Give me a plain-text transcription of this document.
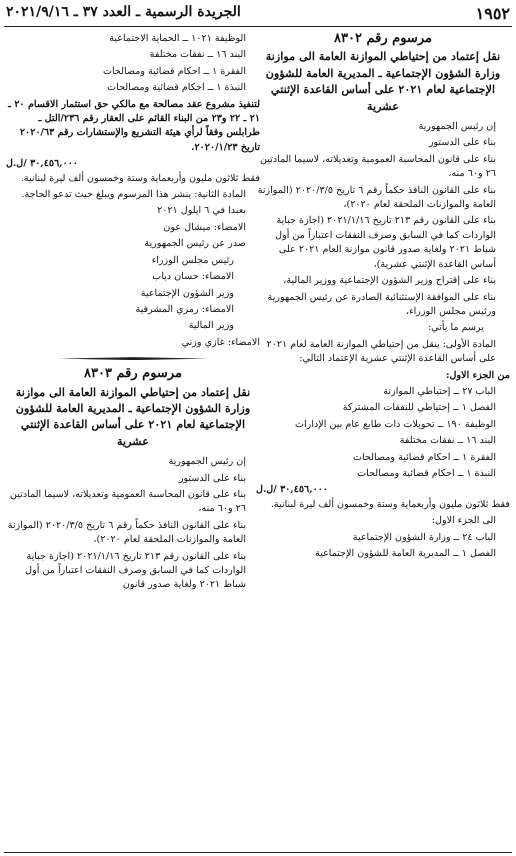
١٩٥٢
الجريدة الرسمية ـ العدد ٣٧ ـ ٢٠٢١/٩/١٦
مرسوم رقم ٨٣٠٢
نقل إعتماد من إحتياطي الموازنة العامة الى موازنة وزارة الشؤون الإجتماعية ـ المديرية العامة للشؤون الإجتماعية لعام ٢٠٢١ على أساس القاعدة الإثنتي عشرية

إن رئيس الجمهورية

بناء على الدستور

بناء على قانون المحاسبة العمومية وتعديلاته، لاسيما المادتين ٢٦ و٦٠ منه،

بناء على القانون النافذ حكماً رقم ٦ تاريخ ٢٠٢٠/٣/٥ (الموازنة العامة والموازنات الملحقة لعام ٢٠٢٠)،

بناء على القانون رقم ٢١٣ تاريخ ٢٠٢١/١/١٦ (اجازة جباية الواردات كما في السابق وصرف النفقات اعتباراً من أول شباط ٢٠٢١ ولغاية صدور قانون موازنة العام ٢٠٢١ على أساس القاعدة الإثنتي عشرية)،

بناء على إقتراح وزير الشؤون الإجتماعية ووزير المالية،

بناء على الموافقة الإستثنائية الصادرة عن رئيس الجمهورية ورئيس مجلس الوزراء،

يرسم ما يأتي:

المادة الأولى: ينقل من إحتياطي الموازنة العامة لعام ٢٠٢١ على أساس القاعدة الإثنتي عشرية الإعتماد التالي:

من الجزء الاول:

الباب ٢٧ ــ إحتياطي الموازنة

الفصل ١ ــ إحتياطي للنفقات المشتركة

الوظيفة ١٩٠ ــ تحويلات ذات طابع عام بين الإدارات

البند ١٦ ــ نفقات مختلفة

الفقرة ١ ــ احكام قضائية ومصالحات

النبذة ١ ــ احكام قضائية ومصالحات

٣٠,٤٥٦,٠٠٠ /ل.ل

فقط ثلاثون مليون وأربعماية وستة وخمسون ألف ليرة لبنانية.

الى الجزء الاول:

الباب ٢٤ ــ وزارة الشؤون الإجتماعية

الفصل ١ ــ المديرية العامة للشؤون الإجتماعية

الوظيفة ١٠٢١ ــ الحماية الاجتماعية

البند ١٦ ــ نفقات مختلفة

الفقرة ١ ــ احكام قضائية ومصالحات

النبذة ١ ــ احكام قضائية ومصالحات

لتنفيذ مشروع عقد مصالحة مع مالكي حق استثمار الاقسام ٢٠ ـ ٢١ ـ ٢٢ و٢٣ من البناء القائم على العقار رقم ٢٣٦/التل ـ طرابلس وفقاً لرأي هيئة التشريع والإستشارات رقم ٢٠٢٠/٦٣ تاريخ ٢٠٢٠/١/٢٣.

٣٠,٤٥٦,٠٠٠ /ل.ل

فقط ثلاثون مليون وأربعماية وستة وخمسون ألف ليرة لبنانية.

المادة الثانية: ينشر هذا المرسوم ويبلغ حيث تدعو الحاجة.

بعبدا في ٦ ايلول ٢٠٢١

الامضاء: ميشال عون

صدر عن رئيس الجمهورية

رئيس مجلس الوزراء

الامضاء: حسان دياب

وزير الشؤون الإجتماعية

الامضاء: رمزي المشرفية

وزير المالية

الامضاء: غازي وزني

مرسوم رقم ٨٣٠٣
نقل إعتماد من إحتياطي الموازنة العامة الى موازنة وزارة الشؤون الإجتماعية ـ المديرية العامة للشؤون الإجتماعية لعام ٢٠٢١ على أساس القاعدة الإثنتي عشرية

إن رئيس الجمهورية

بناء على الدستور

بناء على قانون المحاسبة العمومية وتعديلاته، لاسيما المادتين ٢٦ و٦٠ منه،

بناء على القانون النافذ حكماً رقم ٦ تاريخ ٢٠٢٠/٣/٥ (الموازنة العامة والموازنات الملحقة لعام ٢٠٢٠)،

بناء على القانون رقم ٢١٣ تاريخ ٢٠٢١/١/١٦ (اجازة جباية الواردات كما في السابق وصرف النفقات اعتباراً من أول شباط ٢٠٢١ ولغاية صدور قانون
